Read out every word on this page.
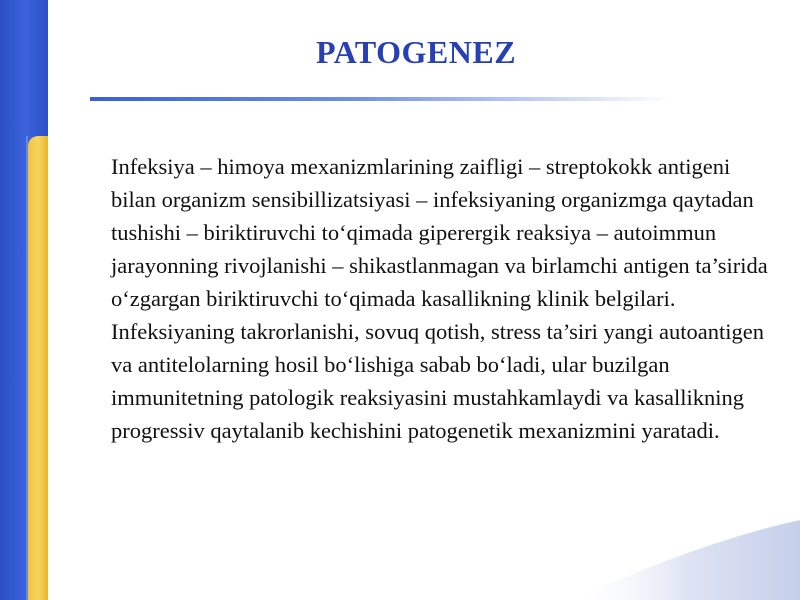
PATOGENEZ

Infeksiya – himoya mexanizmlarining zaifligi – streptokokk antigeni bilan organizm sensibillizatsiyasi – infeksiyaning organizmga qaytadan tushishi – biriktiruvchi to‘qimada giperergik reaksiya – autoimmun jarayonning rivojlanishi – shikastlanmagan va birlamchi antigen ta’sirida o‘zgargan biriktiruvchi to‘qimada kasallikning klinik belgilari. Infeksiyaning takrorlanishi, sovuq qotish, stress ta’siri yangi autoantigen va antitelolarning hosil bo‘lishiga sabab bo‘ladi, ular buzilgan immunitetning patologik reaksiyasini mustahkamlaydi va kasallikning progressiv qaytalanib kechishini patogenetik mexanizmini yaratadi.
